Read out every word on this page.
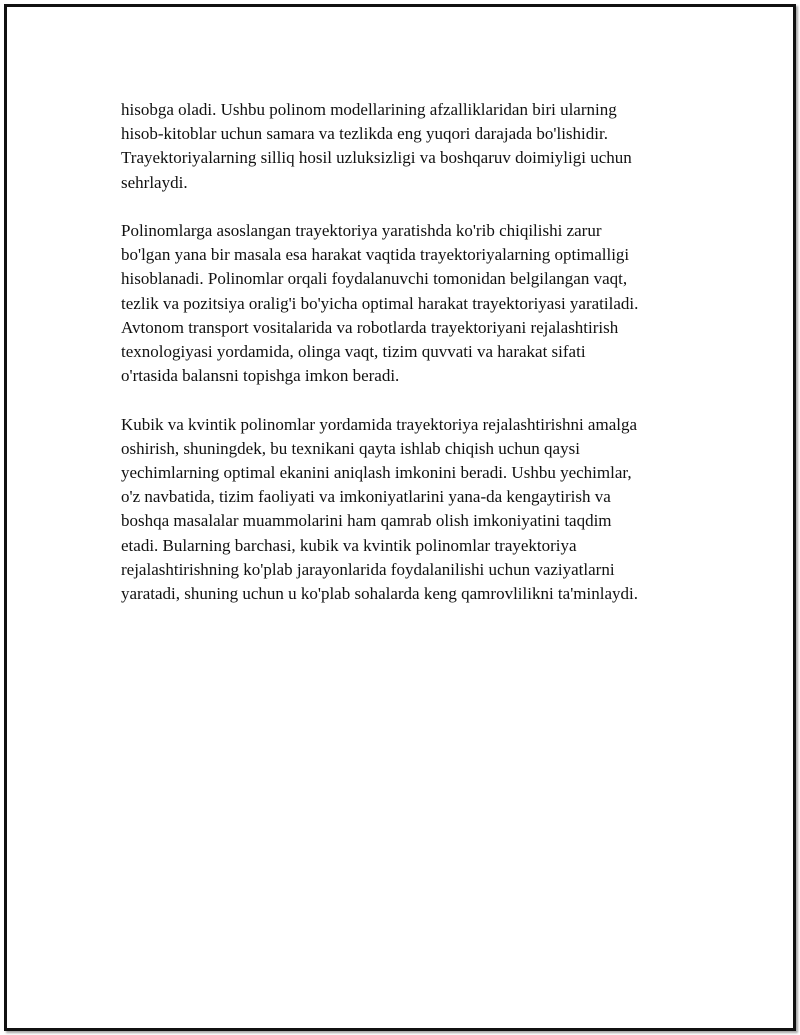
hisobga oladi. Ushbu polinom modellarining afzalliklaridan biri ularning
hisob-kitoblar uchun samara va tezlikda eng yuqori darajada bo'lishidir.
Trayektoriyalarning silliq hosil uzluksizligi va boshqaruv doimiyligi uchun
sehrlaydi.

Polinomlarga asoslangan trayektoriya yaratishda ko'rib chiqilishi zarur
bo'lgan yana bir masala esa harakat vaqtida trayektoriyalarning optimalligi
hisoblanadi. Polinomlar orqali foydalanuvchi tomonidan belgilangan vaqt,
tezlik va pozitsiya oralig'i bo'yicha optimal harakat trayektoriyasi yaratiladi.
Avtonom transport vositalarida va robotlarda trayektoriyani rejalashtirish
texnologiyasi yordamida, olinga vaqt, tizim quvvati va harakat sifati
o'rtasida balansni topishga imkon beradi.

Kubik va kvintik polinomlar yordamida trayektoriya rejalashtirishni amalga
oshirish, shuningdek, bu texnikani qayta ishlab chiqish uchun qaysi
yechimlarning optimal ekanini aniqlash imkonini beradi. Ushbu yechimlar,
o'z navbatida, tizim faoliyati va imkoniyatlarini yana-da kengaytirish va
boshqa masalalar muammolarini ham qamrab olish imkoniyatini taqdim
etadi. Bularning barchasi, kubik va kvintik polinomlar trayektoriya
rejalashtirishning ko'plab jarayonlarida foydalanilishi uchun vaziyatlarni
yaratadi, shuning uchun u ko'plab sohalarda keng qamrovlilikni ta'minlaydi.
